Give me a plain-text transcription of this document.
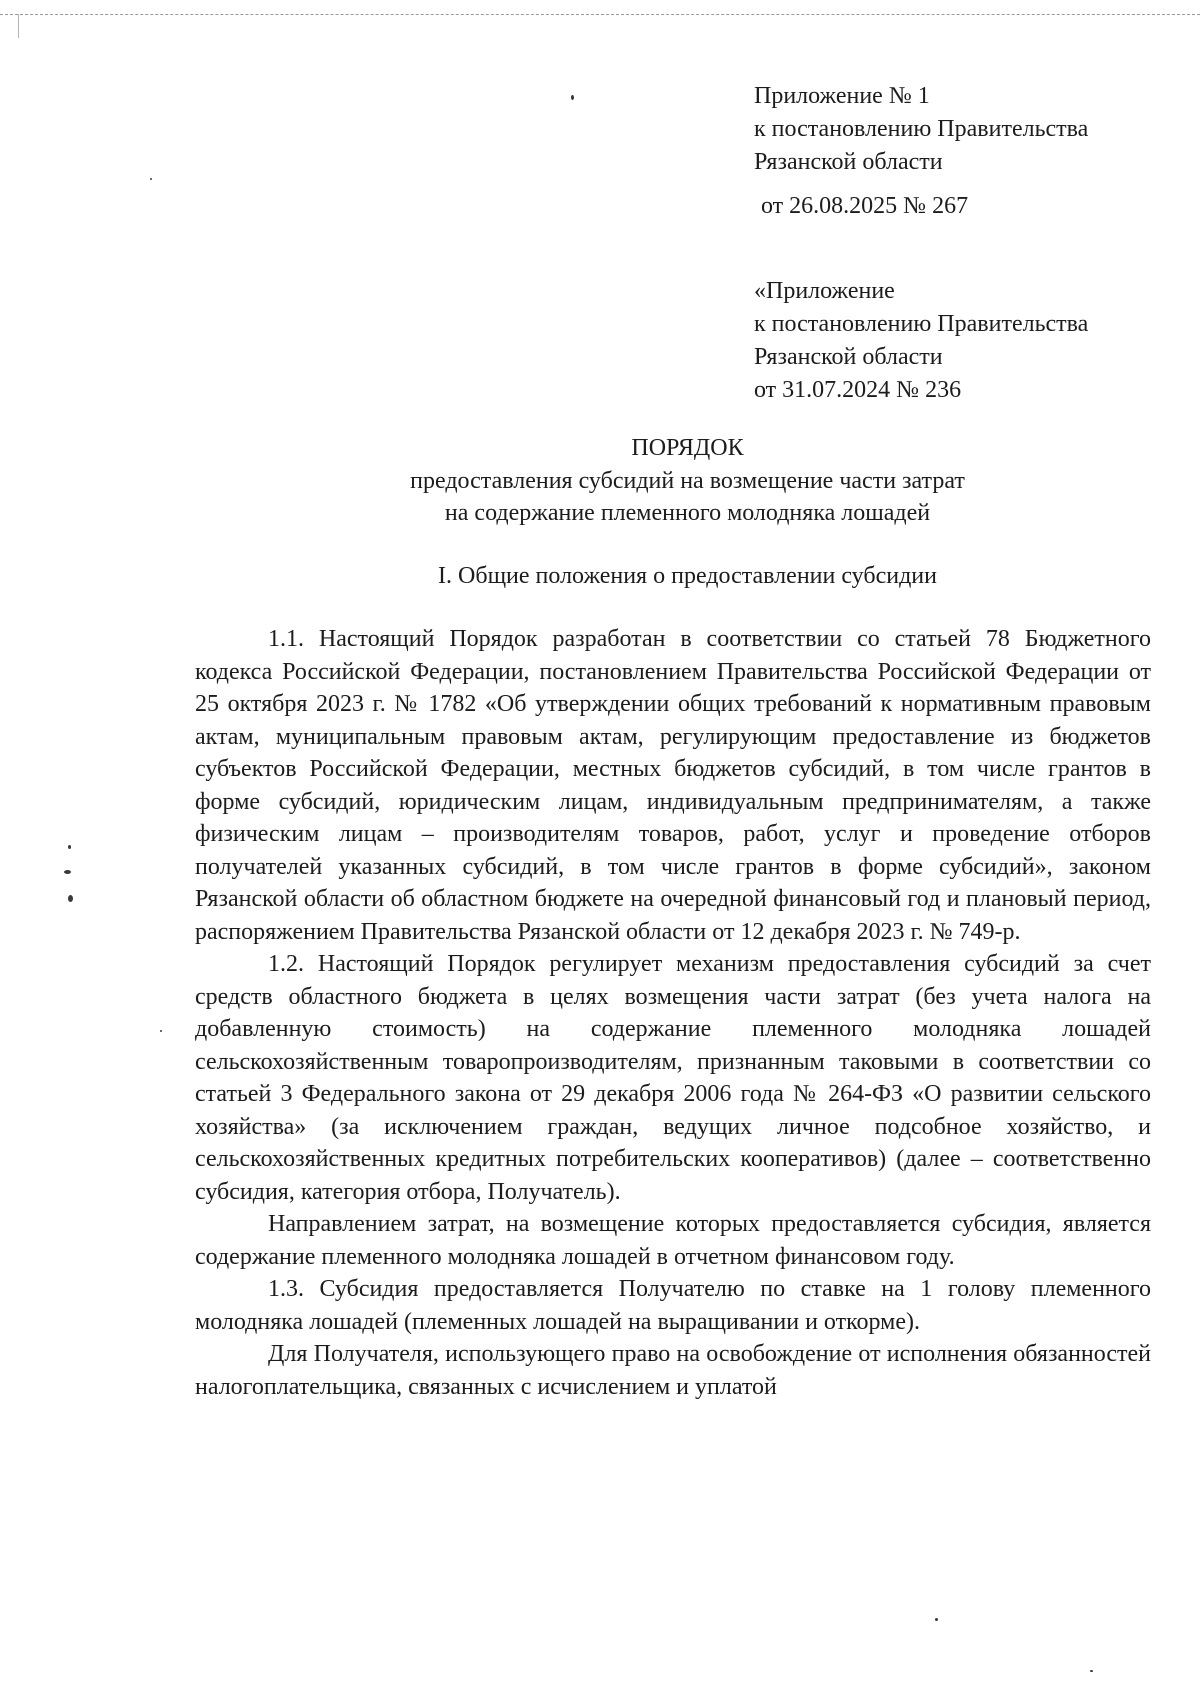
Приложение № 1
к постановлению Правительства
Рязанской области
от 26.08.2025 № 267
«Приложение
к постановлению Правительства
Рязанской области
от 31.07.2024 № 236
ПОРЯДОК
предоставления субсидий на возмещение части затрат
на содержание племенного молодняка лошадей
I. Общие положения о предоставлении субсидии

1.1. Настоящий Порядок разработан в соответствии со статьей 78 Бюджетного кодекса Российской Федерации, постановлением Правительства Российской Федерации от 25 октября 2023 г. № 1782 «Об утверждении общих требований к нормативным правовым актам, муниципальным правовым актам, регулирующим предоставление из бюджетов субъектов Российской Федерации, местных бюджетов субсидий, в том числе грантов в форме субсидий, юридическим лицам, индивидуальным предпринимателям, а также физическим лицам – производителям товаров, работ, услуг и проведение отборов получателей указанных субсидий, в том числе грантов в форме субсидий», законом Рязанской области об областном бюджете на очередной финансовый год и плановый период, распоряжением Правительства Рязанской области от 12 декабря 2023 г. № 749-р.

1.2. Настоящий Порядок регулирует механизм предоставления субсидий за счет средств областного бюджета в целях возмещения части затрат (без учета налога на добавленную стоимость) на содержание племенного молодняка лошадей сельскохозяйственным товаропроизводителям, признанным таковыми в соответствии со статьей 3 Федерального закона от 29 декабря 2006 года № 264-ФЗ «О развитии сельского хозяйства» (за исключением граждан, ведущих личное подсобное хозяйство, и сельскохозяйственных кредитных потребительских кооперативов) (далее – соответственно субсидия, категория отбора, Получатель).

Направлением затрат, на возмещение которых предоставляется субсидия, является содержание племенного молодняка лошадей в отчетном финансовом году.

1.3. Субсидия предоставляется Получателю по ставке на 1 голову племенного молодняка лошадей (племенных лошадей на выращивании и откорме).

Для Получателя, использующего право на освобождение от исполнения обязанностей налогоплательщика, связанных с исчислением и уплатой
